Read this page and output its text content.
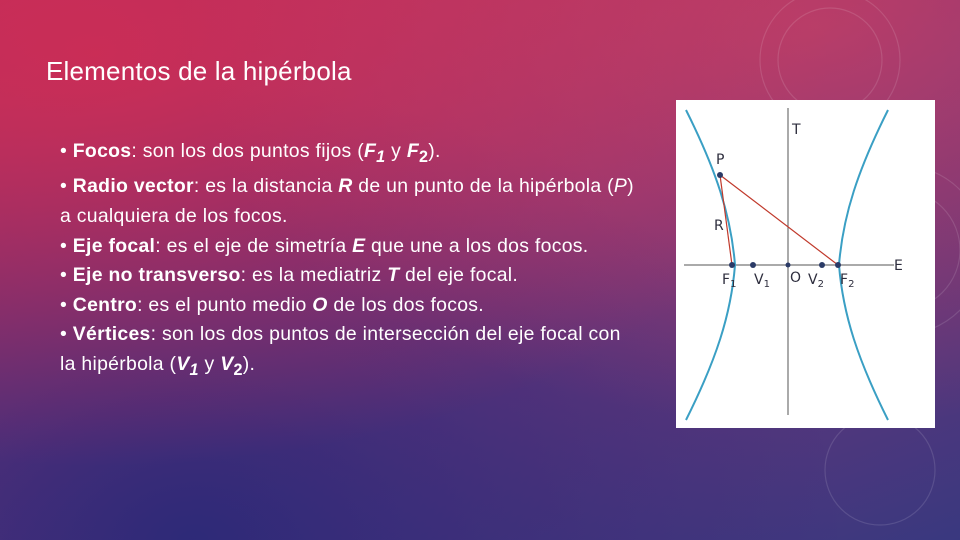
Elementos de la hipérbola

• Focos: son los dos puntos fijos ($F_1$ y $F_2$).

• Radio vector: es la distancia R de un punto de la hipérbola (P) a cualquiera de los focos.

• Eje focal: es el eje de simetría E que une a los dos focos.

• Eje no transverso: es la mediatriz T del eje focal.

• Centro: es el punto medio O de los dos focos.

• Vértices: son los dos puntos de intersección del eje focal con la hipérbola ($V_1$ y $V_2$).

T
P
R
E
O
$F_1$ $V_1$	$V_2$ $F_2$
